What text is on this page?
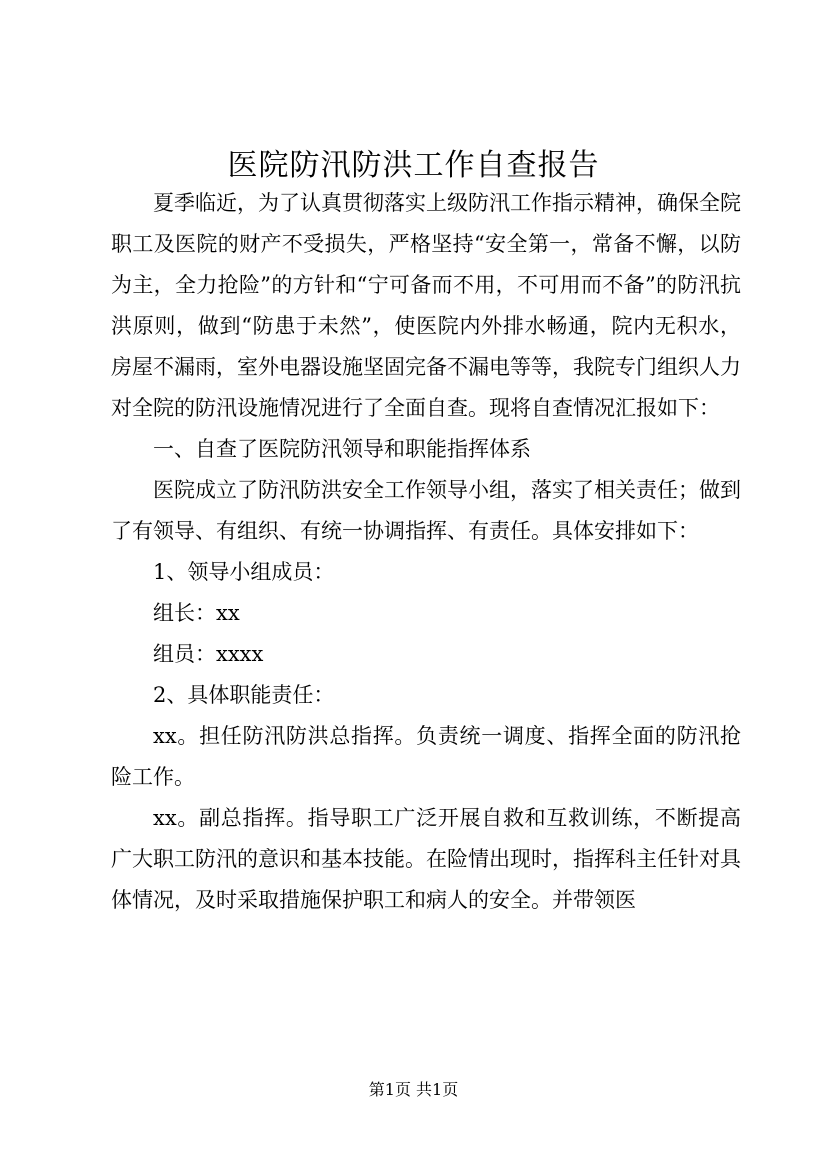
医院防汛防洪工作自查报告

夏季临近，为了认真贯彻落实上级防汛工作指示精神，确保全院职工及医院的财产不受损失，严格坚持“安全第一，常备不懈，以防为主，全力抢险”的方针和“宁可备而不用，不可用而不备”的防汛抗洪原则，做到“防患于未然”，使医院内外排水畅通，院内无积水，房屋不漏雨，室外电器设施坚固完备不漏电等等，我院专门组织人力对全院的防汛设施情况进行了全面自查。现将自查情况汇报如下：

一、自查了医院防汛领导和职能指挥体系

医院成立了防汛防洪安全工作领导小组，落实了相关责任；做到了有领导、有组织、有统一协调指挥、有责任。具体安排如下：

1、领导小组成员：

组长：xx

组员：xxxx

2、具体职能责任：

xx。担任防汛防洪总指挥。负责统一调度、指挥全面的防汛抢险工作。

xx。副总指挥。指导职工广泛开展自救和互救训练，不断提高广大职工防汛的意识和基本技能。在险情出现时，指挥科主任针对具体情况，及时采取措施保护职工和病人的安全。并带领医

第1页 共1页
